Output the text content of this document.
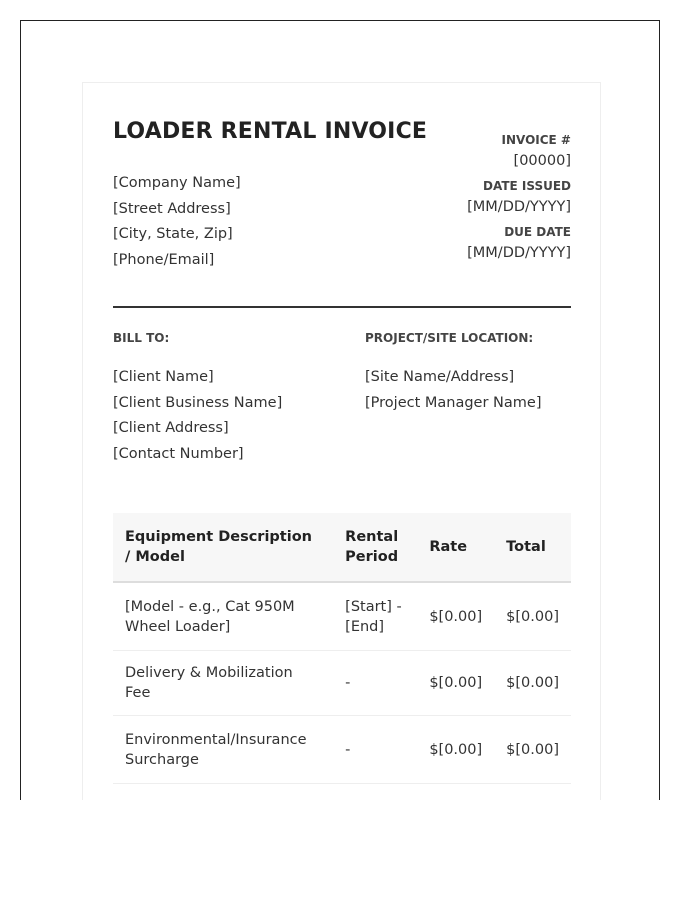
LOADER RENTAL INVOICE
[Company Name]
[Street Address]
[City, State, Zip]
[Phone/Email]
INVOICE #
[00000]
DATE ISSUED
[MM/DD/YYYY]
DUE DATE
[MM/DD/YYYY]
BILL TO:	PROJECT/SITE LOCATION:
[Client Name]
[Client Business Name]
[Client Address]
[Contact Number]
[Site Name/Address]
[Project Manager Name]
Equipment Description / Model	Rental Period	Rate	Total
[Model - e.g., Cat 950M Wheel Loader]	[Start] - [End]	$[0.00]	$[0.00]
Delivery & Mobilization Fee	-	$[0.00]	$[0.00]
Environmental/Insurance Surcharge	-	$[0.00]	$[0.00]
